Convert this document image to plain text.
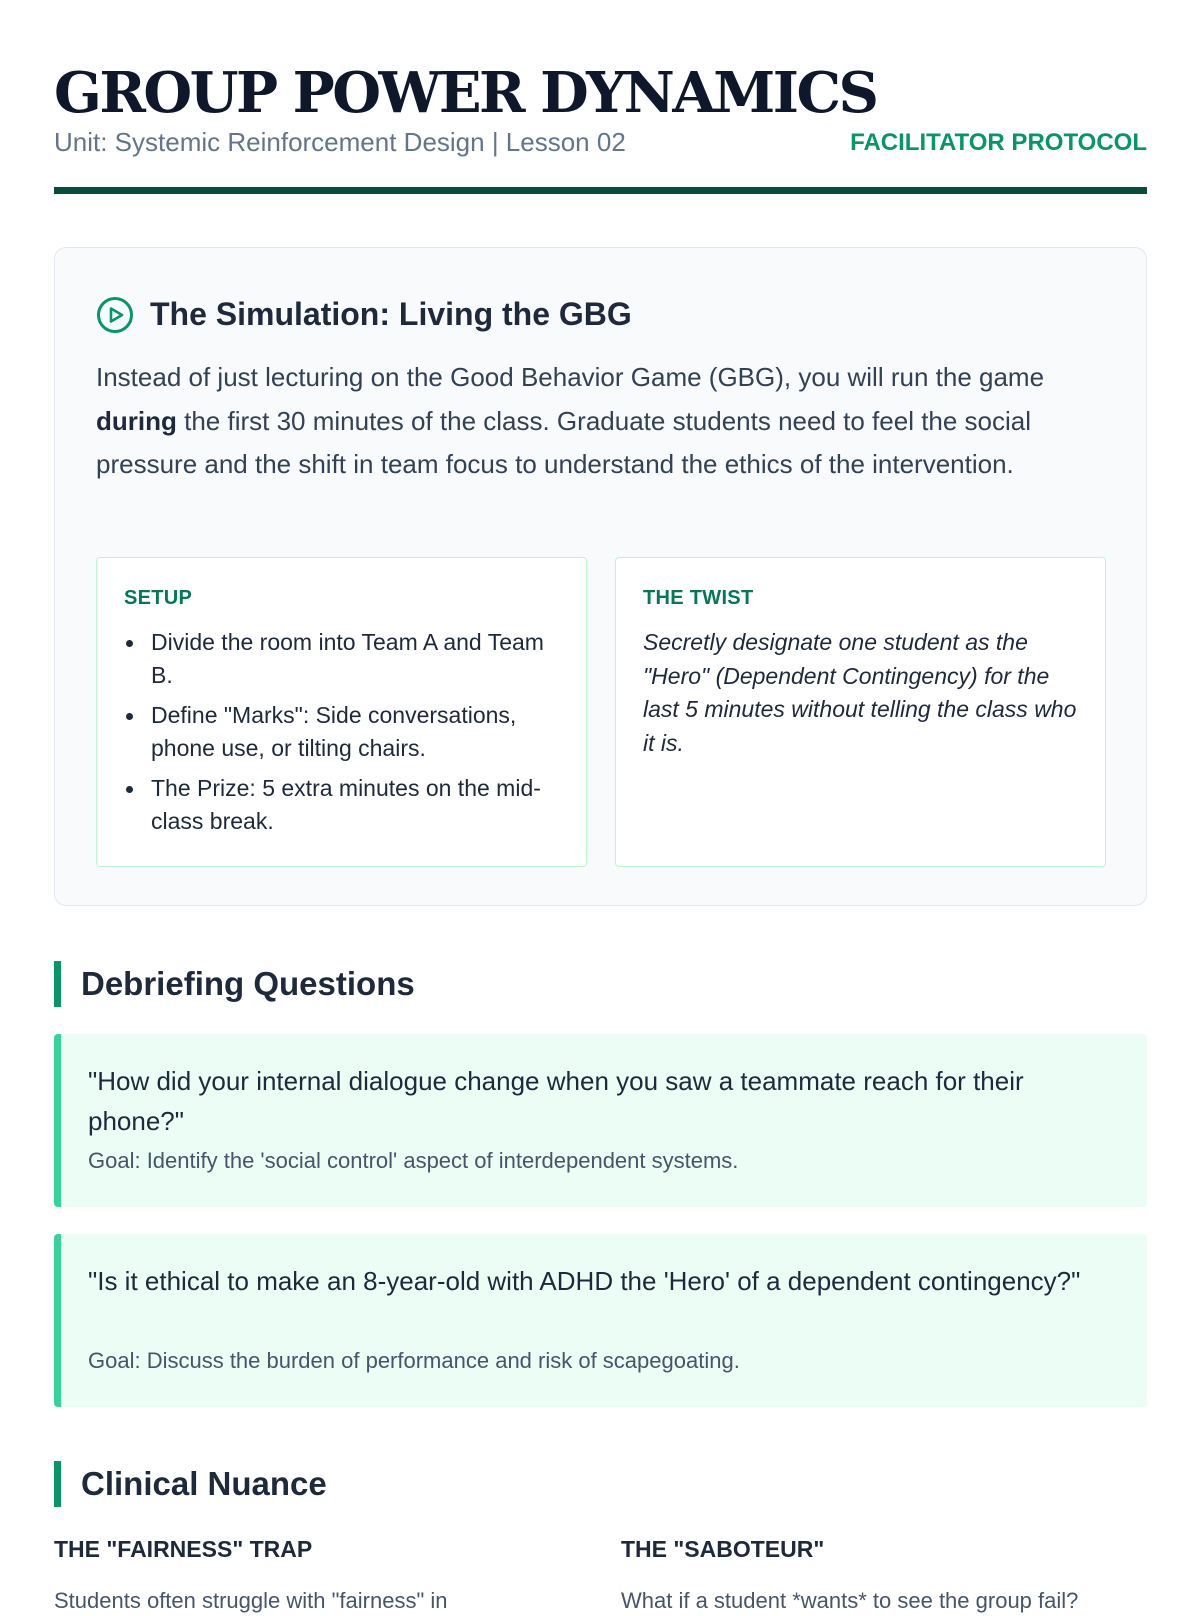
GROUP POWER DYNAMICS
Unit: Systemic Reinforcement Design | Lesson 02	FACILITATOR PROTOCOL
The Simulation: Living the GBG

Instead of just lecturing on the Good Behavior Game (GBG), you will run the game during the first 30 minutes of the class. Graduate students need to feel the social pressure and the shift in team focus to understand the ethics of the intervention.

SETUP
Divide the room into Team A and Team B.
Define "Marks": Side conversations, phone use, or tilting chairs.
The Prize: 5 extra minutes on the mid-class break.
THE TWIST

Secretly designate one student as the "Hero" (Dependent Contingency) for the last 5 minutes without telling the class who it is.

Debriefing Questions

"How did your internal dialogue change when you saw a teammate reach for their phone?"

Goal: Identify the 'social control' aspect of interdependent systems.

"Is it ethical to make an 8-year-old with ADHD the 'Hero' of a dependent contingency?"

Goal: Discuss the burden of performance and risk of scapegoating.

Clinical Nuance
THE "FAIRNESS" TRAP

Students often struggle with "fairness" in

THE "SABOTEUR"

What if a student *wants* to see the group fail?
